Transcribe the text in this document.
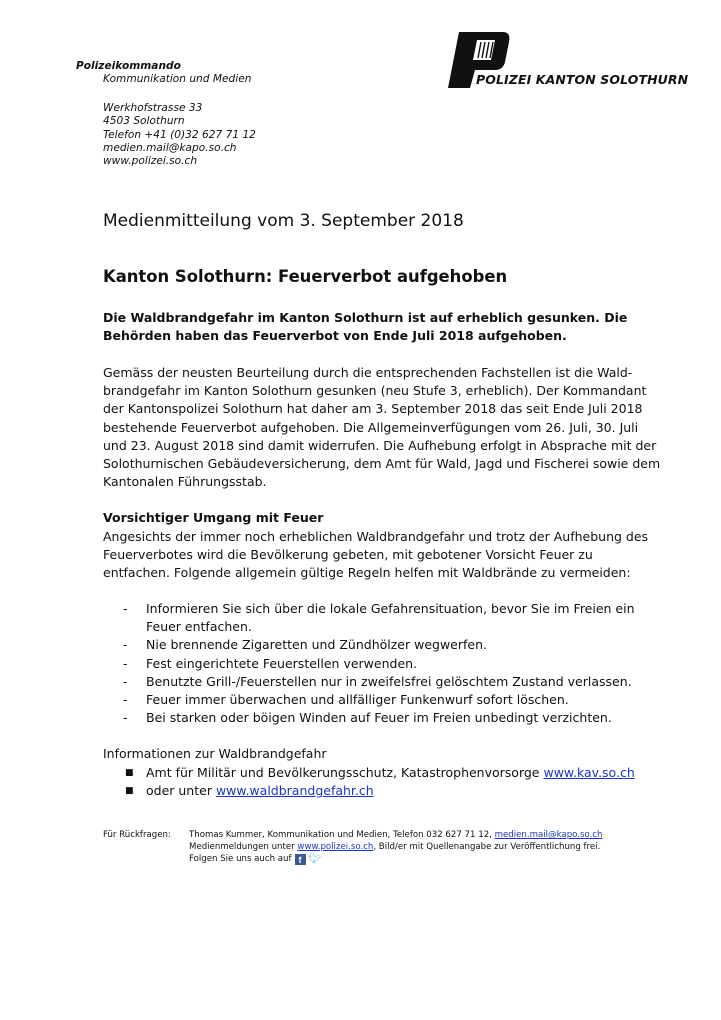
Polizeikommando
Kommunikation und Medien
Werkhofstrasse 33
4503 Solothurn
Telefon +41 (0)32 627 71 12
medien.mail@kapo.so.ch
www.polizei.so.ch
POLIZEI KANTON SOLOTHURN
Medienmitteilung vom 3. September 2018
Kanton Solothurn: Feuerverbot aufgehoben
Die Waldbrandgefahr im Kanton Solothurn ist auf erheblich gesunken. Die Behörden haben das Feuerverbot von Ende Juli 2018 aufgehoben.
Gemäss der neusten Beurteilung durch die entsprechenden Fachstellen ist die Wald- brandgefahr im Kanton Solothurn gesunken (neu Stufe 3, erheblich). Der Kommandant der Kantonspolizei Solothurn hat daher am 3. September 2018 das seit Ende Juli 2018 bestehende Feuerverbot aufgehoben. Die Allgemeinverfügungen vom 26. Juli, 30. Juli und 23. August 2018 sind damit widerrufen. Die Aufhebung erfolgt in Absprache mit der Solothurnischen Gebäudeversicherung, dem Amt für Wald, Jagd und Fischerei sowie dem Kantonalen Führungsstab.
Vorsichtiger Umgang mit Feuer
Angesichts der immer noch erheblichen Waldbrandgefahr und trotz der Aufhebung des Feuerverbotes wird die Bevölkerung gebeten, mit gebotener Vorsicht Feuer zu entfachen. Folgende allgemein gültige Regeln helfen mit Waldbrände zu vermeiden:
- Informieren Sie sich über die lokale Gefahrensituation, bevor Sie im Freien ein Feuer entfachen.
- Nie brennende Zigaretten und Zündhölzer wegwerfen.
- Fest eingerichtete Feuerstellen verwenden.
- Benutzte Grill-/Feuerstellen nur in zweifelsfrei gelöschtem Zustand verlassen.
- Feuer immer überwachen und allfälliger Funkenwurf sofort löschen.
- Bei starken oder böigen Winden auf Feuer im Freien unbedingt verzichten.
Informationen zur Waldbrandgefahr
■ Amt für Militär und Bevölkerungsschutz, Katastrophenvorsorge www.kav.so.ch
■ oder unter www.waldbrandgefahr.ch
Für Rückfragen: Thomas Kummer, Kommunikation und Medien, Telefon 032 627 71 12, medien.mail@kapo.so.ch
Medienmeldungen unter www.polizei.so.ch, Bild/er mit Quellenangabe zur Veröffentlichung frei.
Folgen Sie uns auch auf f 🐦︎
